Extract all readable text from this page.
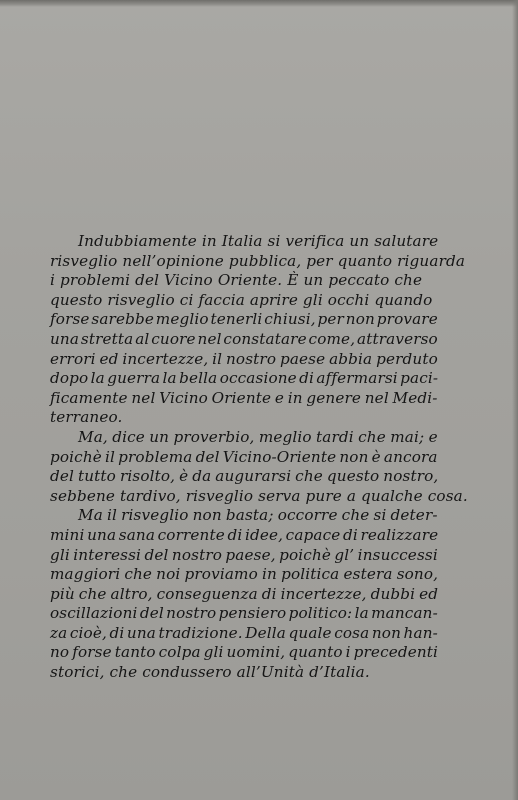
Indubbiamente in Italia si verifica un salutare
risveglio nell’opinione pubblica, per quanto riguarda
i problemi del Vicino Oriente. È un peccato che
questo risveglio ci faccia aprire gli occhi quando
forse sarebbe meglio tenerli chiusi, per non provare
una stretta al cuore nel constatare come, attraverso
errori ed incertezze, il nostro paese abbia perduto
dopo la guerra la bella occasione di affermarsi paci-
ficamente nel Vicino Oriente e in genere nel Medi-
terraneo.

Ma, dice un proverbio, meglio tardi che mai; e
poichè il problema del Vicino-Oriente non è ancora
del tutto risolto, è da augurarsi che questo nostro,
sebbene tardivo, risveglio serva pure a qualche cosa.

Ma il risveglio non basta; occorre che si deter-
mini una sana corrente di idee, capace di realizzare
gli interessi del nostro paese, poichè gl’ insuccessi
maggiori che noi proviamo in politica estera sono,
più che altro, conseguenza di incertezze, dubbi ed
oscillazioni del nostro pensiero politico: la mancan-
za cioè, di una tradizione. Della quale cosa non han-
no forse tanto colpa gli uomini, quanto i precedenti
storici, che condussero all’Unità d’Italia.
